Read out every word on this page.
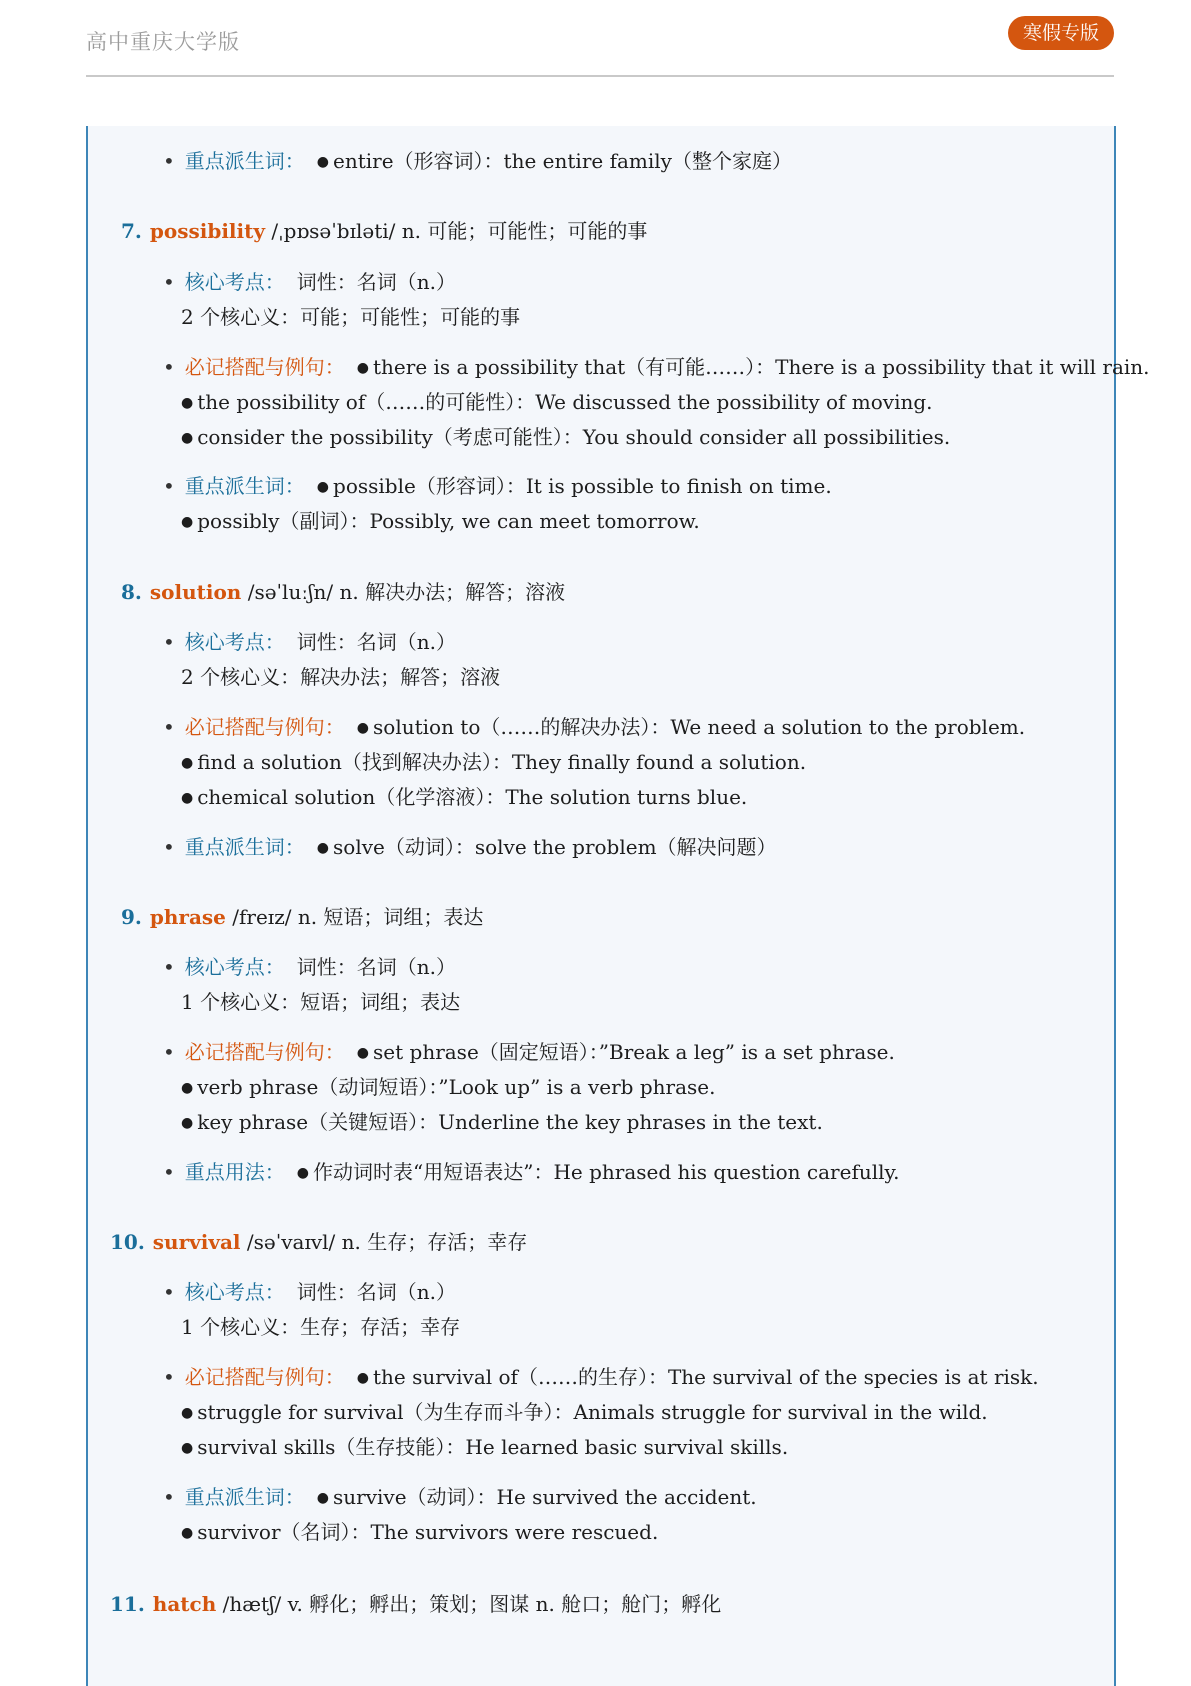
高中重庆大学版	寒假专版
• 重点派生词： ● entire（形容词）：the entire family（整个家庭）
7. possibility /ˌpɒsəˈbɪləti/ n. 可能；可能性；可能的事
• 核心考点： 词性：名词（n.）
2 个核心义：可能；可能性；可能的事
• 必记搭配与例句： ● there is a possibility that（有可能……）：There is a possibility that it will rain.
● the possibility of（……的可能性）：We discussed the possibility of moving.
● consider the possibility（考虑可能性）：You should consider all possibilities.
• 重点派生词： ● possible（形容词）：It is possible to finish on time.
● possibly（副词）：Possibly, we can meet tomorrow.
8. solution /səˈluːʃn/ n. 解决办法；解答；溶液
• 核心考点： 词性：名词（n.）
2 个核心义：解决办法；解答；溶液
• 必记搭配与例句： ● solution to（……的解决办法）：We need a solution to the problem.
● find a solution（找到解决办法）：They finally found a solution.
● chemical solution（化学溶液）：The solution turns blue.
• 重点派生词： ● solve（动词）：solve the problem（解决问题）
9. phrase /freɪz/ n. 短语；词组；表达
• 核心考点： 词性：名词（n.）
1 个核心义：短语；词组；表达
• 必记搭配与例句： ● set phrase（固定短语）：”Break a leg” is a set phrase.
● verb phrase（动词短语）：”Look up” is a verb phrase.
● key phrase（关键短语）：Underline the key phrases in the text.
• 重点用法： ● 作动词时表“用短语表达”：He phrased his question carefully.
10. survival /səˈvaɪvl/ n. 生存；存活；幸存
• 核心考点： 词性：名词（n.）
1 个核心义：生存；存活；幸存
• 必记搭配与例句： ● the survival of（……的生存）：The survival of the species is at risk.
● struggle for survival（为生存而斗争）：Animals struggle for survival in the wild.
● survival skills（生存技能）：He learned basic survival skills.
• 重点派生词： ● survive（动词）：He survived the accident.
● survivor（名词）：The survivors were rescued.
11. hatch /hætʃ/ v. 孵化；孵出；策划；图谋 n. 舱口；舱门；孵化
